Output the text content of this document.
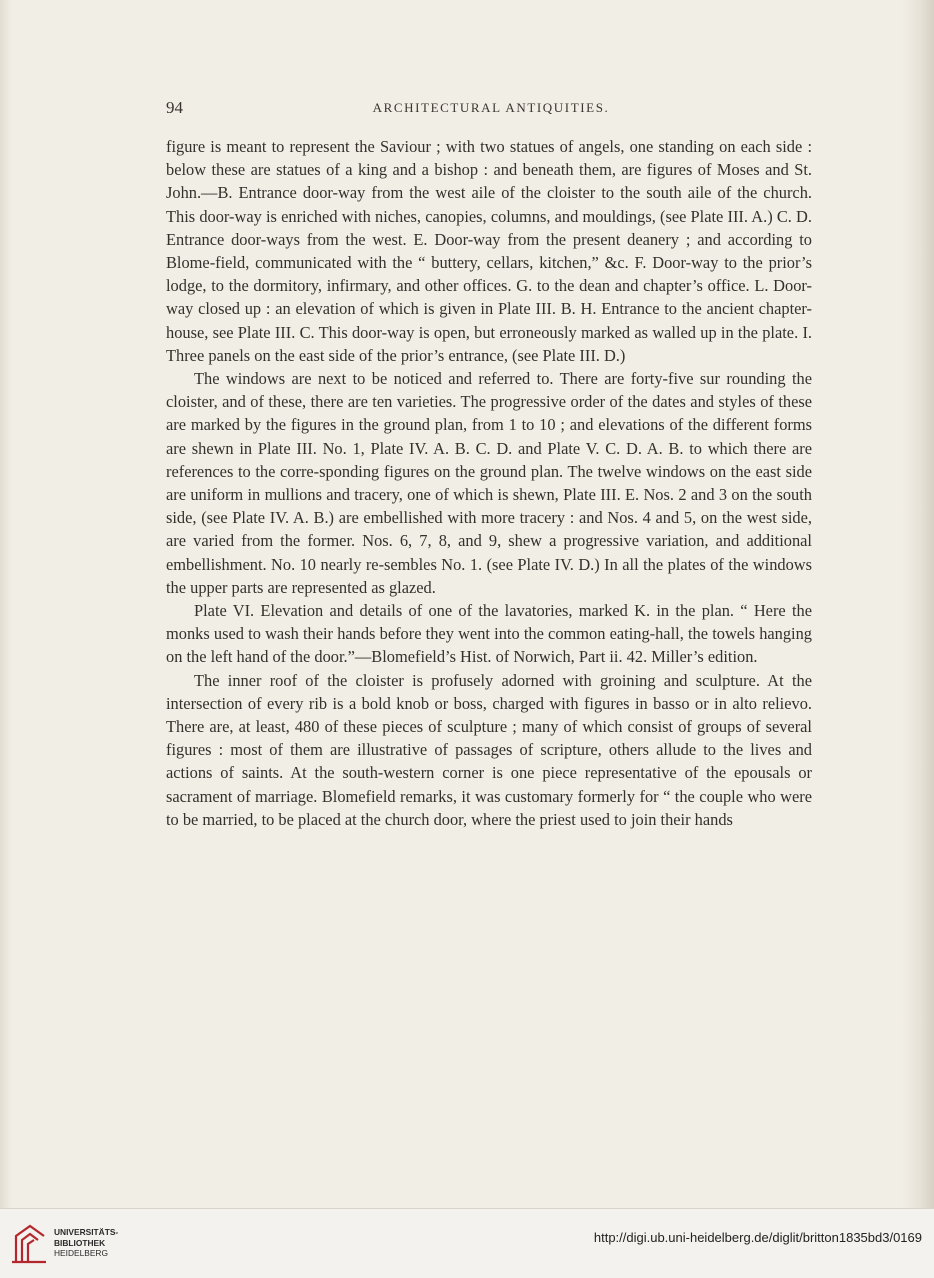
94	ARCHITECTURAL ANTIQUITIES.

figure is meant to represent the Saviour ; with two statues of angels, one standing on each side : below these are statues of a king and a bishop : and beneath them, are figures of Moses and St. John.—B. Entrance door-way from the west aile of the cloister to the south aile of the church. This door-way is enriched with niches, canopies, columns, and mouldings, (see Plate III. A.) C. D. Entrance door-ways from the west. E. Door-way from the present deanery ; and according to Blome-field, communicated with the “ buttery, cellars, kitchen,” &c. F. Door-way to the prior’s lodge, to the dormitory, infirmary, and other offices. G. to the dean and chapter’s office. L. Door-way closed up : an elevation of which is given in Plate III. B. H. Entrance to the ancient chapter-house, see Plate III. C. This door-way is open, but erroneously marked as walled up in the plate. I. Three panels on the east side of the prior’s entrance, (see Plate III. D.)

The windows are next to be noticed and referred to. There are forty-five sur rounding the cloister, and of these, there are ten varieties. The progressive order of the dates and styles of these are marked by the figures in the ground plan, from 1 to 10 ; and elevations of the different forms are shewn in Plate III. No. 1, Plate IV. A. B. C. D. and Plate V. C. D. A. B. to which there are references to the corre-sponding figures on the ground plan. The twelve windows on the east side are uniform in mullions and tracery, one of which is shewn, Plate III. E. Nos. 2 and 3 on the south side, (see Plate IV. A. B.) are embellished with more tracery : and Nos. 4 and 5, on the west side, are varied from the former. Nos. 6, 7, 8, and 9, shew a progressive variation, and additional embellishment. No. 10 nearly re-sembles No. 1. (see Plate IV. D.) In all the plates of the windows the upper parts are represented as glazed.

Plate VI. Elevation and details of one of the lavatories, marked K. in the plan. “ Here the monks used to wash their hands before they went into the common eating-hall, the towels hanging on the left hand of the door.”—Blomefield’s Hist. of Norwich, Part ii. 42. Miller’s edition.

The inner roof of the cloister is profusely adorned with groining and sculpture. At the intersection of every rib is a bold knob or boss, charged with figures in basso or in alto relievo. There are, at least, 480 of these pieces of sculpture ; many of which consist of groups of several figures : most of them are illustrative of passages of scripture, others allude to the lives and actions of saints. At the south-western corner is one piece representative of the epousals or sacrament of marriage. Blomefield remarks, it was customary formerly for “ the couple who were to be married, to be placed at the church door, where the priest used to join their hands

UNIVERSITÄTS-
BIBLIOTHEK
HEIDELBERG
http://digi.ub.uni-heidelberg.de/diglit/britton1835bd3/0169
